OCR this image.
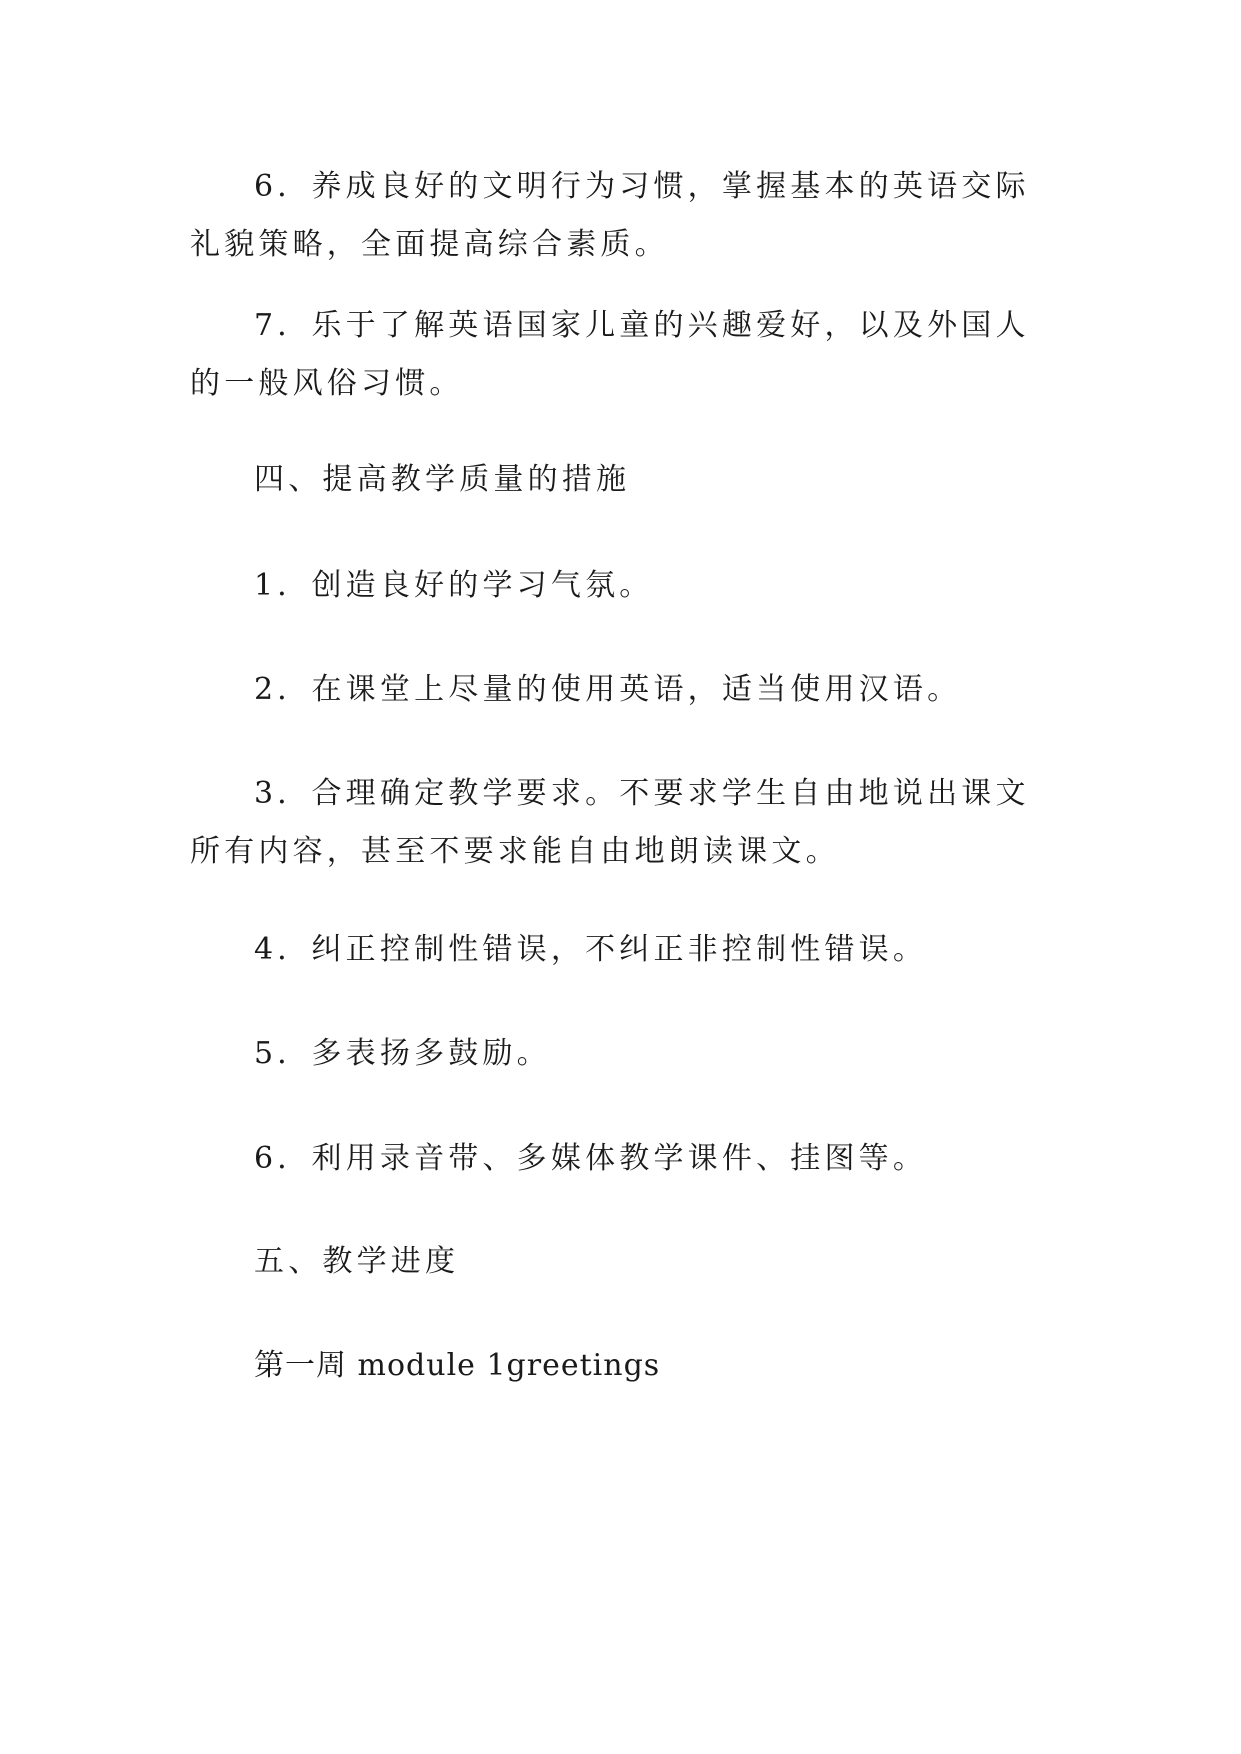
6．养成良好的文明行为习惯，掌握基本的英语交际礼貌策略，全面提高综合素质。

7．乐于了解英语国家儿童的兴趣爱好，以及外国人的一般风俗习惯。

四、提高教学质量的措施

1．创造良好的学习气氛。

2．在课堂上尽量的使用英语，适当使用汉语。

3．合理确定教学要求。不要求学生自由地说出课文所有内容，甚至不要求能自由地朗读课文。

4．纠正控制性错误，不纠正非控制性错误。

5．多表扬多鼓励。

6．利用录音带、多媒体教学课件、挂图等。

五、教学进度

第一周 module 1greetings
